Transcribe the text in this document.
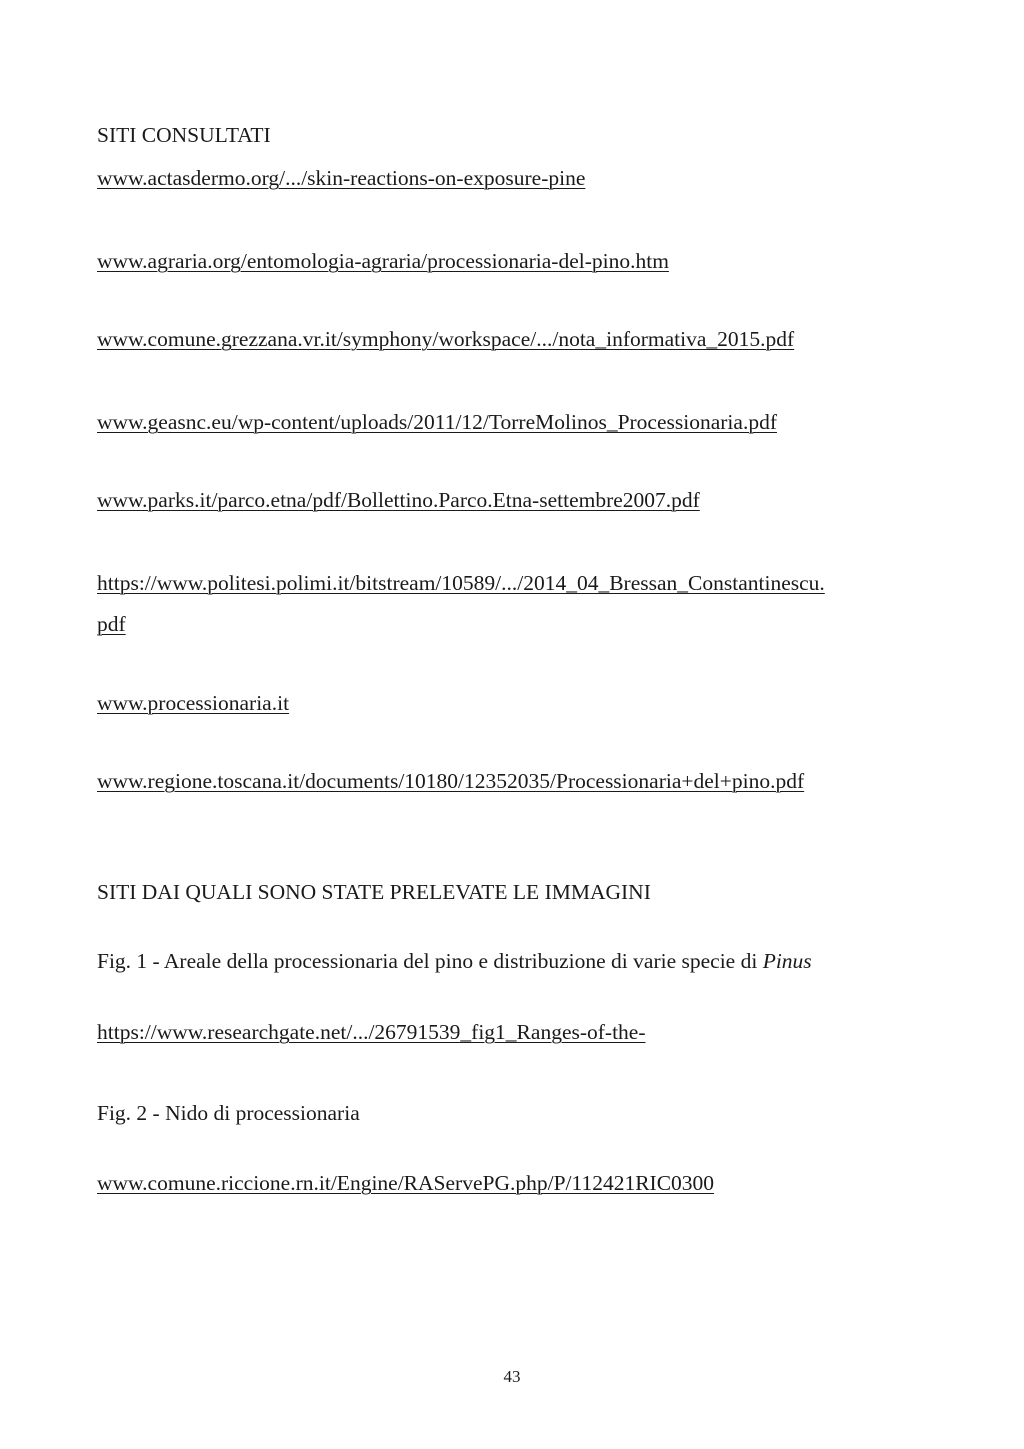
SITI CONSULTATI
www.actasdermo.org/.../skin-reactions-on-exposure-pine
www.agraria.org/entomologia-agraria/processionaria-del-pino.htm
www.comune.grezzana.vr.it/symphony/workspace/.../nota_informativa_2015.pdf
www.geasnc.eu/wp-content/uploads/2011/12/TorreMolinos_Processionaria.pdf
www.parks.it/parco.etna/pdf/Bollettino.Parco.Etna-settembre2007.pdf
https://www.politesi.polimi.it/bitstream/10589/.../2014_04_Bressan_Constantinescu.
pdf
www.processionaria.it
www.regione.toscana.it/documents/10180/12352035/Processionaria+del+pino.pdf
SITI DAI QUALI SONO STATE PRELEVATE LE IMMAGINI
Fig. 1 - Areale della processionaria del pino e distribuzione di varie specie di Pinus
https://www.researchgate.net/.../26791539_fig1_Ranges-of-the-
Fig. 2 - Nido di processionaria
www.comune.riccione.rn.it/Engine/RAServePG.php/P/112421RIC0300
43
